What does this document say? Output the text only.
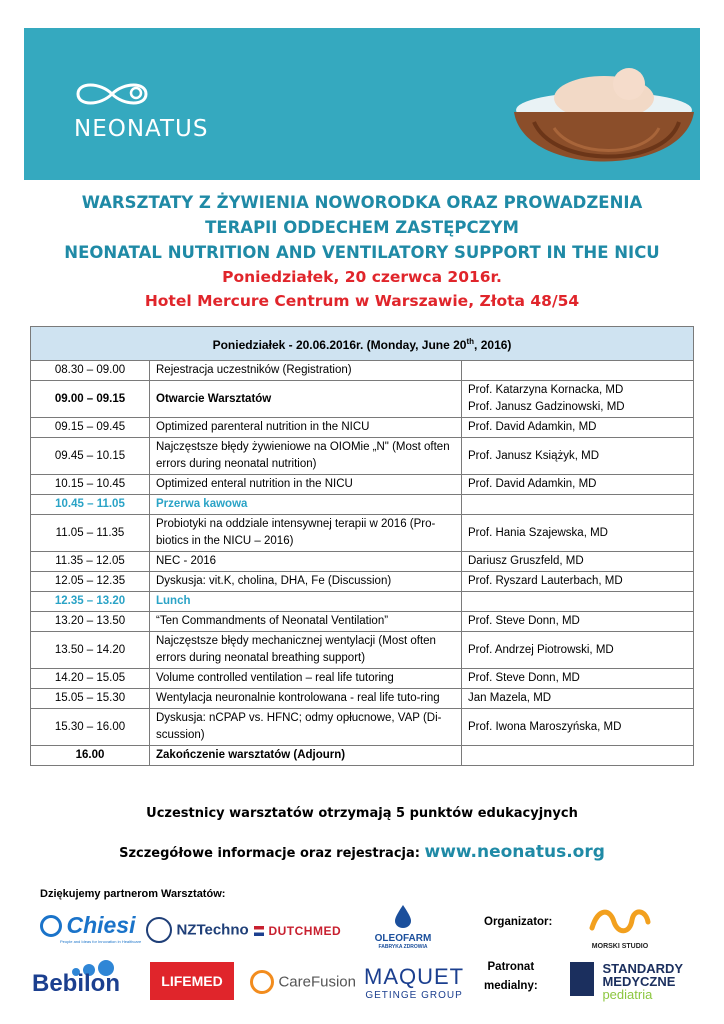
NEONATUS

WARSZTATY Z ŻYWIENIA NOWORODKA ORAZ PROWADZENIA

TERAPII ODDECHEM ZASTĘPCZYM

NEONATAL NUTRITION AND VENTILATORY SUPPORT IN THE NICU

Poniedziałek, 20 czerwca 2016r.

Hotel Mercure Centrum w Warszawie, Złota 48/54

Poniedziałek - 20.06.2016r. (Monday, June 20th, 2016)		
08.30 – 09.00	Rejestracja uczestników (Registration)	
09.00 – 09.15	Otwarcie Warsztatów	Prof. Katarzyna Kornacka, MD
Prof. Janusz Gadzinowski, MD

09.15 – 09.45	Optimized parenteral nutrition in the NICU	Prof. David Adamkin, MD
09.45 – 10.15	Najczęstsze błędy żywieniowe na OIOMie „N" (Most often errors during neonatal nutrition)	Prof. Janusz Książyk, MD
10.15 – 10.45	Optimized enteral nutrition in the NICU	Prof. David Adamkin, MD
10.45 – 11.05	Przerwa kawowa	
11.05 – 11.35	Probiotyki na oddziale intensywnej terapii w 2016 (Pro-biotics in the NICU – 2016)	Prof. Hania Szajewska, MD
11.35 – 12.05	NEC - 2016	Dariusz Gruszfeld, MD
12.05 – 12.35	Dyskusja: vit.K, cholina, DHA, Fe (Discussion)	Prof. Ryszard Lauterbach, MD
12.35 – 13.20	Lunch	
13.20 – 13.50	“Ten Commandments of Neonatal Ventilation”	Prof. Steve Donn, MD
13.50 – 14.20	Najczęstsze błędy mechanicznej wentylacji (Most often errors during neonatal breathing support)	Prof. Andrzej Piotrowski, MD
14.20 – 15.05	Volume controlled ventilation – real life tutoring	Prof. Steve Donn, MD
15.05 – 15.30	Wentylacja neuronalnie kontrolowana - real life tuto-ring	Jan Mazela, MD
15.30 – 16.00	Dyskusja: nCPAP vs. HFNC; odmy opłucnowe, VAP (Di-scussion)	Prof. Iwona Maroszyńska, MD
16.00	Zakończenie warsztatów (Adjourn)	
Uczestnicy warsztatów otrzymają 5 punktów edukacyjnych
Szczegółowe informacje oraz rejestracja: www.neonatus.org
Dziękujemy partnerom Warsztatów:
Chiesi
People and Ideas for Innovation in Healthcare
NZTechno	DUTCHMED
OLEOFARM
FABRYKA ZDROWIA
Bebilon	LIFEMED	CareFusion MAQUET
GETINGE GROUP
Organizator:
MORSKI STUDIO
Patronat
medialny:

STANDARDY
MEDYCZNE
pediatria
